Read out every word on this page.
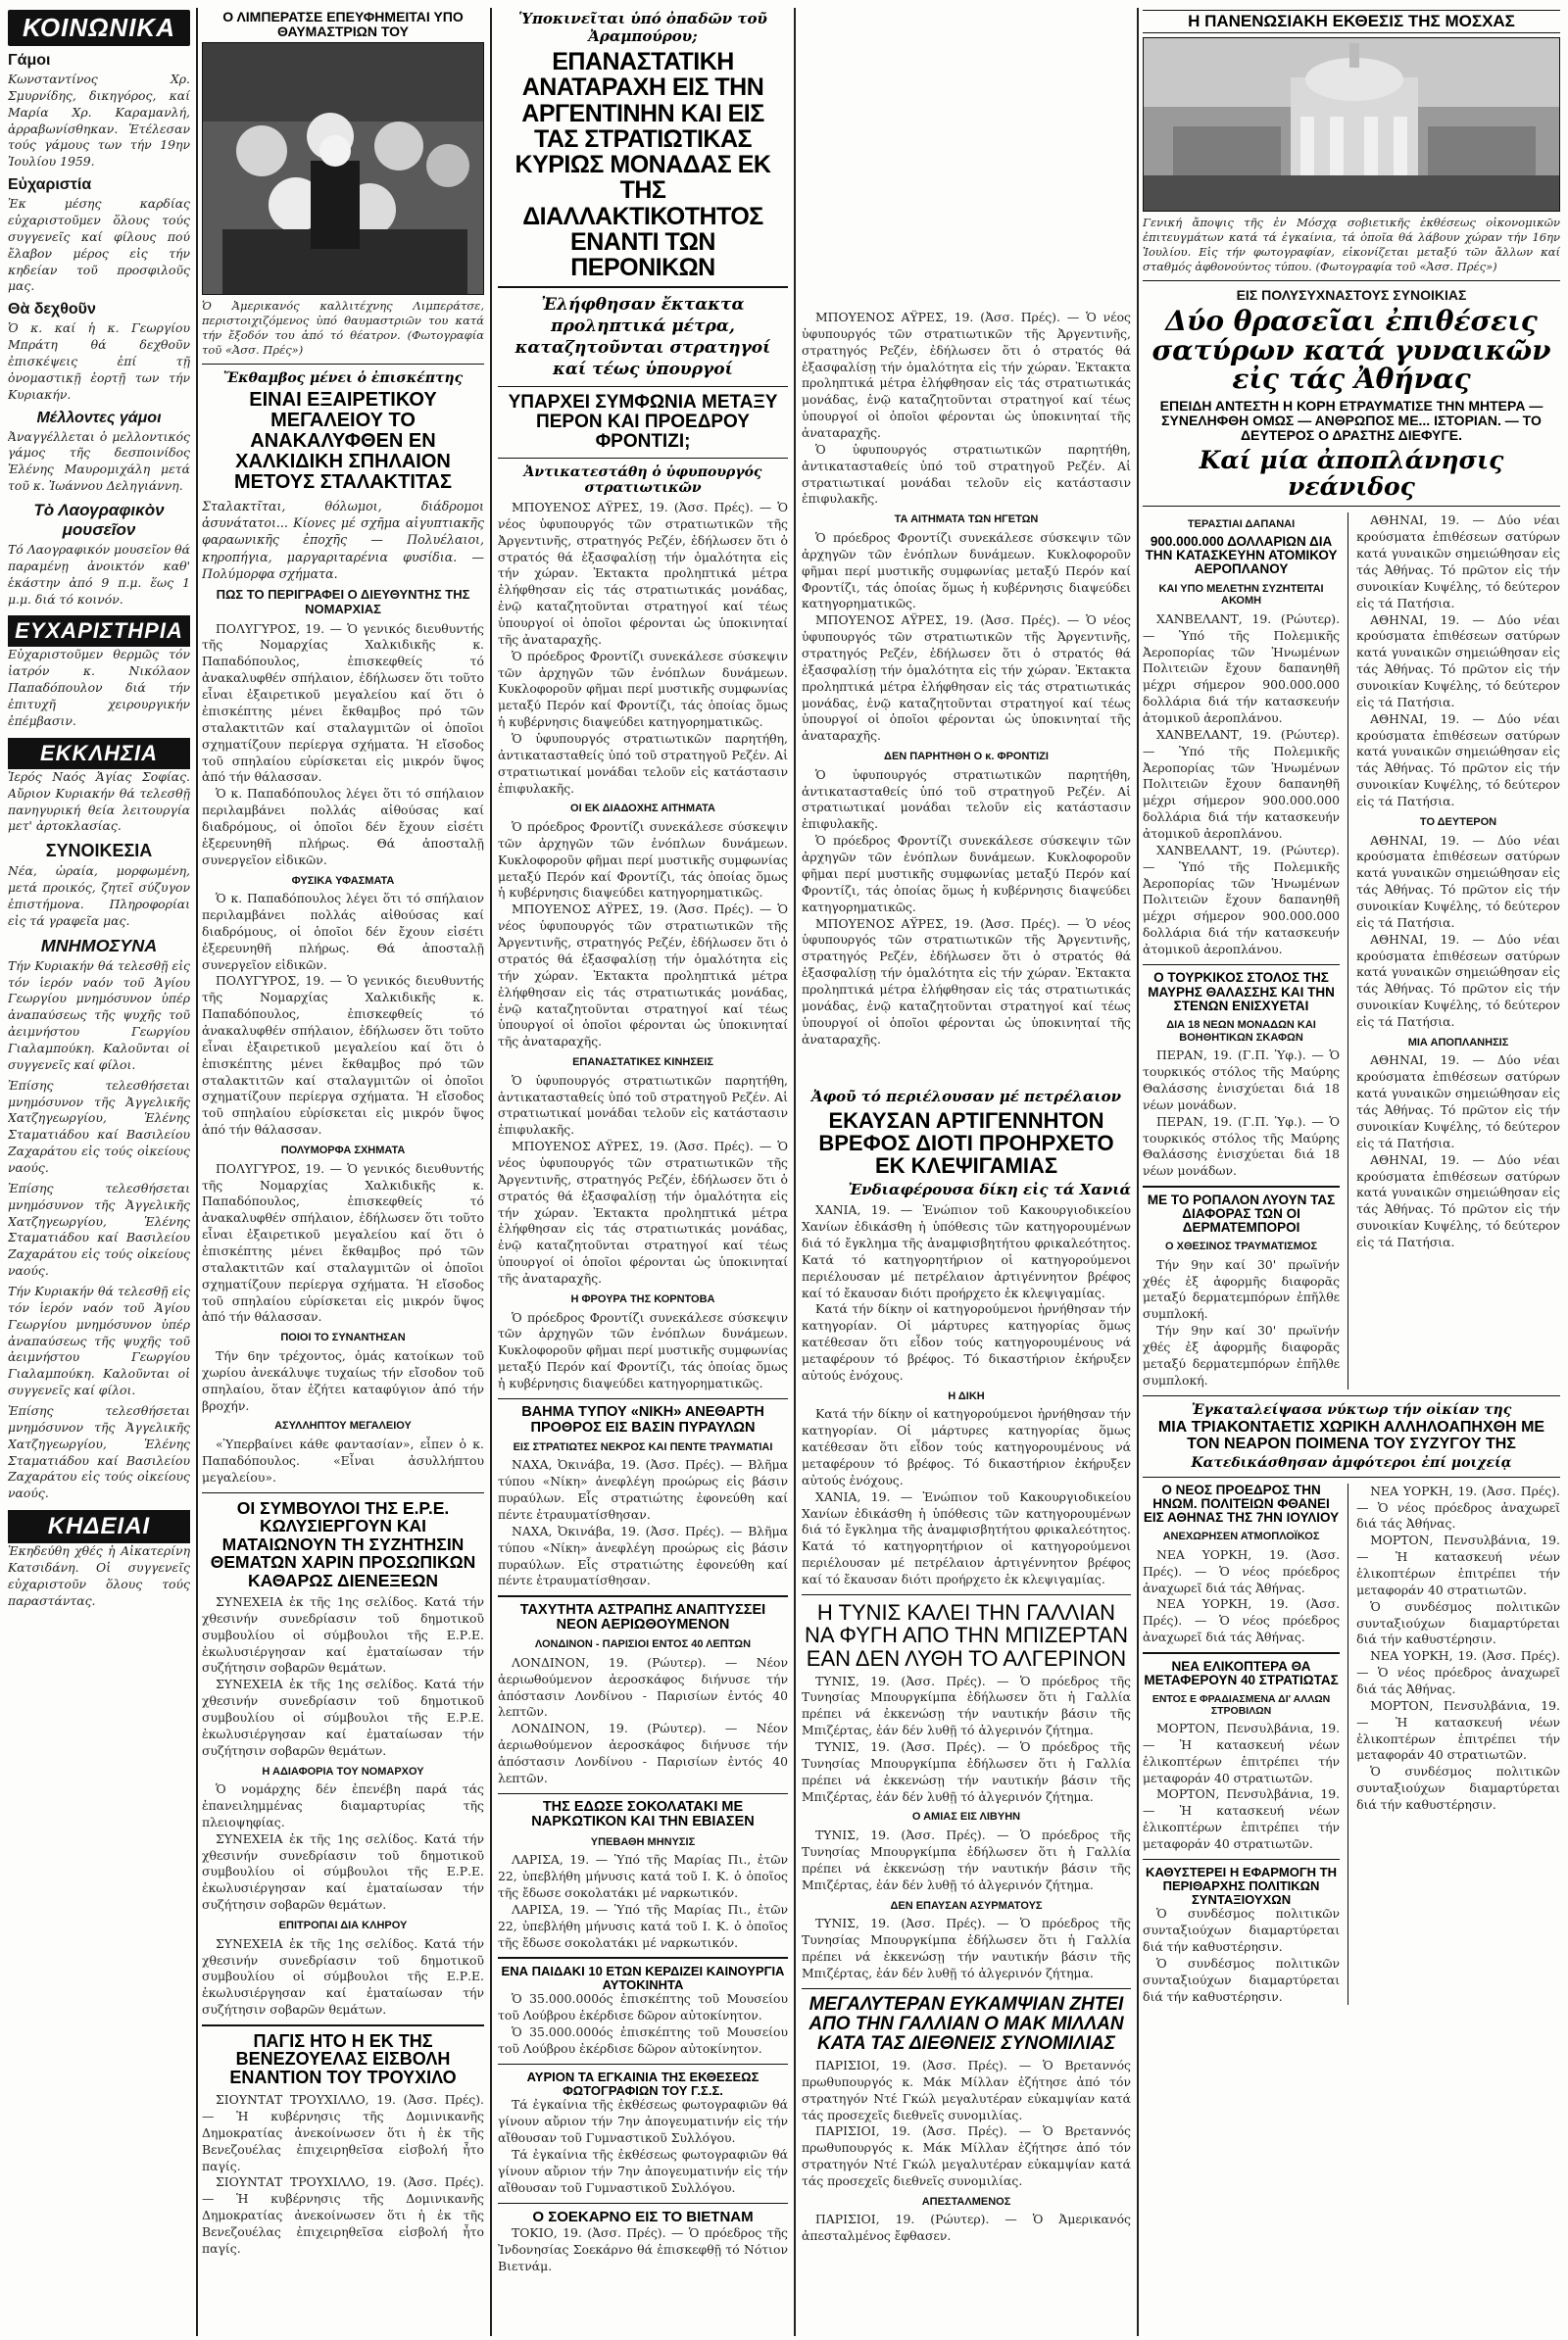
ΚΟΙΝΩΝΙΚΑ
Γάμοι
Κωνσταντίνος Χρ. Σμυρνίδης, δικηγόρος, καί Μαρία Χρ. Καραμανλή, ἀρραβωνίσθηκαν. Ἐτέλεσαν τούς γάμους των τήν 19ην Ἰουλίου 1959.
Εὐχαριστία
Ἐκ μέσης καρδίας εὐχαριστοῦμεν ὅλους τούς συγγενεῖς καί φίλους πού ἔλαβον μέρος εἰς τήν κηδείαν τοῦ προσφιλοῦς μας.
Θὰ δεχθοῦν
Ὁ κ. καί ἡ κ. Γεωργίου Μπράτη θά δεχθοῦν ἐπισκέψεις ἐπί τῇ ὀνομαστικῇ ἑορτῇ των τήν Κυριακήν.
Μέλλοντες γάμοι
Ἀναγγέλλεται ὁ μελλοντικός γάμος τῆς δεσποινίδος Ἑλένης Μαυρομιχάλη μετά τοῦ κ. Ἰωάννου Δεληγιάννη.
Τὸ Λαογραφικὸν μουσεῖον
Τό Λαογραφικόν μουσεῖον θά παραμένῃ ἀνοικτόν καθ' ἑκάστην ἀπό 9 π.μ. ἕως 1 μ.μ. διά τό κοινόν.
ΕΥΧΑΡΙΣΤΗΡΙΑ
Εὐχαριστοῦμεν θερμῶς τόν ἰατρόν κ. Νικόλαον Παπαδόπουλον διά τήν ἐπιτυχῆ χειρουργικήν ἐπέμβασιν.
ΕΚΚΛΗΣΙΑ
Ἱερός Ναός Ἁγίας Σοφίας. Αὔριον Κυριακήν θά τελεσθῇ πανηγυρική θεία λειτουργία μετ' ἀρτοκλασίας.
ΣΥΝΟΙΚΕΣΙΑ
Νέα, ὡραία, μορφωμένη, μετά προικός, ζητεῖ σύζυγον ἐπιστήμονα. Πληροφορίαι εἰς τά γραφεῖα μας.
ΜΝΗΜΟΣΥΝΑ
Τήν Κυριακήν θά τελεσθῇ εἰς τόν ἱερόν ναόν τοῦ Ἁγίου Γεωργίου μνημόσυνον ὑπέρ ἀναπαύσεως τῆς ψυχῆς τοῦ ἀειμνήστου Γεωργίου Γιαλαμπούκη. Καλοῦνται οἱ συγγενεῖς καί φίλοι.
Ἐπίσης τελεσθήσεται μνημόσυνον τῆς Ἀγγελικῆς Χατζηγεωργίου, Ἑλένης Σταματιάδου καί Βασιλείου Ζαχαράτου εἰς τούς οἰκείους ναούς.
Ἐπίσης τελεσθήσεται μνημόσυνον τῆς Ἀγγελικῆς Χατζηγεωργίου, Ἑλένης Σταματιάδου καί Βασιλείου Ζαχαράτου εἰς τούς οἰκείους ναούς.
Τήν Κυριακήν θά τελεσθῇ εἰς τόν ἱερόν ναόν τοῦ Ἁγίου Γεωργίου μνημόσυνον ὑπέρ ἀναπαύσεως τῆς ψυχῆς τοῦ ἀειμνήστου Γεωργίου Γιαλαμπούκη. Καλοῦνται οἱ συγγενεῖς καί φίλοι.
Ἐπίσης τελεσθήσεται μνημόσυνον τῆς Ἀγγελικῆς Χατζηγεωργίου, Ἑλένης Σταματιάδου καί Βασιλείου Ζαχαράτου εἰς τούς οἰκείους ναούς.
ΚΗΔΕΙΑΙ
Ἐκηδεύθη χθές ἡ Αἰκατερίνη Κατσιδάνη. Οἱ συγγενεῖς εὐχαριστοῦν ὅλους τούς παραστάντας.
Ο ΛΙΜΠΕΡΑΤΣΕ ΕΠΕΥΦΗΜΕΙΤΑΙ ΥΠΟ ΘΑΥΜΑΣΤΡΙΩΝ ΤΟΥ
Ὁ Ἀμερικανός καλλιτέχνης Λιμπεράτσε, περιστοιχιζόμενος ὑπό θαυμαστριῶν του κατά τήν ἔξοδόν του ἀπό τό θέατρον. (Φωτογραφία τοῦ «Ἀσσ. Πρές»)
Ἔκθαμβος μένει ὁ ἐπισκέπτης
ΕΙΝΑΙ ΕΞΑΙΡΕΤΙΚΟΥ ΜΕΓΑΛΕΙΟΥ ΤΟ ΑΝΑΚΑΛΥΦΘΕΝ ΕΝ ΧΑΛΚΙΔΙΚΗ ΣΠΗΛΑΙΟΝ ΜΕΤΟΥΣ ΣΤΑΛΑΚΤΙΤΑΣ
Σταλακτῖται, θόλωμοι, διάδρομοι ἀσυνάτατοι... Κίονες μέ σχῆμα αἰγυπτιακῆς φαραωνικῆς ἐποχῆς — Πολυέλαιοι, κηροπήγια, μαργαριταρένια φυσίδια. — Πολύμορφα σχήματα.
ΠΩΣ ΤΟ ΠΕΡΙΓΡΑΦΕΙ Ο ΔΙΕΥΘΥΝΤΗΣ ΤΗΣ ΝΟΜΑΡΧΙΑΣ

ΠΟΛΥΓΥΡΟΣ, 19. — Ὁ γενικός διευθυντής τῆς Νομαρχίας Χαλκιδικῆς κ. Παπαδόπουλος, ἐπισκεφθείς τό ἀνακαλυφθέν σπήλαιον, ἐδήλωσεν ὅτι τοῦτο εἶναι ἐξαιρετικοῦ μεγαλείου καί ὅτι ὁ ἐπισκέπτης μένει ἔκθαμβος πρό τῶν σταλακτιτῶν καί σταλαγμιτῶν οἱ ὁποῖοι σχηματίζουν περίεργα σχήματα. Ἡ εἴσοδος τοῦ σπηλαίου εὑρίσκεται εἰς μικρόν ὕψος ἀπό τήν θάλασσαν.

Ὁ κ. Παπαδόπουλος λέγει ὅτι τό σπήλαιον περιλαμβάνει πολλάς αἰθούσας καί διαδρόμους, οἱ ὁποῖοι δέν ἔχουν εἰσέτι ἐξερευνηθῆ πλήρως. Θά ἀποσταλῇ συνεργεῖον εἰδικῶν.

ΦΥΣΙΚΑ ΥΦΑΣΜΑΤΑ

Ὁ κ. Παπαδόπουλος λέγει ὅτι τό σπήλαιον περιλαμβάνει πολλάς αἰθούσας καί διαδρόμους, οἱ ὁποῖοι δέν ἔχουν εἰσέτι ἐξερευνηθῆ πλήρως. Θά ἀποσταλῇ συνεργεῖον εἰδικῶν.

ΠΟΛΥΓΥΡΟΣ, 19. — Ὁ γενικός διευθυντής τῆς Νομαρχίας Χαλκιδικῆς κ. Παπαδόπουλος, ἐπισκεφθείς τό ἀνακαλυφθέν σπήλαιον, ἐδήλωσεν ὅτι τοῦτο εἶναι ἐξαιρετικοῦ μεγαλείου καί ὅτι ὁ ἐπισκέπτης μένει ἔκθαμβος πρό τῶν σταλακτιτῶν καί σταλαγμιτῶν οἱ ὁποῖοι σχηματίζουν περίεργα σχήματα. Ἡ εἴσοδος τοῦ σπηλαίου εὑρίσκεται εἰς μικρόν ὕψος ἀπό τήν θάλασσαν.

ΠΟΛΥΜΟΡΦΑ ΣΧΗΜΑΤΑ

ΠΟΛΥΓΥΡΟΣ, 19. — Ὁ γενικός διευθυντής τῆς Νομαρχίας Χαλκιδικῆς κ. Παπαδόπουλος, ἐπισκεφθείς τό ἀνακαλυφθέν σπήλαιον, ἐδήλωσεν ὅτι τοῦτο εἶναι ἐξαιρετικοῦ μεγαλείου καί ὅτι ὁ ἐπισκέπτης μένει ἔκθαμβος πρό τῶν σταλακτιτῶν καί σταλαγμιτῶν οἱ ὁποῖοι σχηματίζουν περίεργα σχήματα. Ἡ εἴσοδος τοῦ σπηλαίου εὑρίσκεται εἰς μικρόν ὕψος ἀπό τήν θάλασσαν.

ΠΟΙΟΙ ΤΟ ΣΥΝΑΝΤΗΣΑΝ

Τήν 6ην τρέχοντος, ὁμάς κατοίκων τοῦ χωρίου ἀνεκάλυψε τυχαίως τήν εἴσοδον τοῦ σπηλαίου, ὅταν ἐζήτει καταφύγιον ἀπό τήν βροχήν.

ΑΣΥΛΛΗΠΤΟΥ ΜΕΓΑΛΕΙΟΥ

«Ὑπερβαίνει κάθε φαντασίαν», εἶπεν ὁ κ. Παπαδόπουλος. «Εἶναι ἀσυλλήπτου μεγαλείου».

ΟΙ ΣΥΜΒΟΥΛΟΙ ΤΗΣ Ε.Ρ.Ε. ΚΩΛΥΣΙΕΡΓΟΥΝ ΚΑΙ ΜΑΤΑΙΩΝΟΥΝ ΤΗ ΣΥΖΗΤΗΣΙΝ ΘΕΜΑΤΩΝ ΧΑΡΙΝ ΠΡΟΣΩΠΙΚΩΝ ΚΑΘΑΡΩΣ ΔΙΕΝΕΞΕΩΝ

ΣΥΝΕΧΕΙΑ ἐκ τῆς 1ης σελίδος. Κατά τήν χθεσινήν συνεδρίασιν τοῦ δημοτικοῦ συμβουλίου οἱ σύμβουλοι τῆς Ε.Ρ.Ε. ἐκωλυσιέργησαν καί ἐματαίωσαν τήν συζήτησιν σοβαρῶν θεμάτων.

ΣΥΝΕΧΕΙΑ ἐκ τῆς 1ης σελίδος. Κατά τήν χθεσινήν συνεδρίασιν τοῦ δημοτικοῦ συμβουλίου οἱ σύμβουλοι τῆς Ε.Ρ.Ε. ἐκωλυσιέργησαν καί ἐματαίωσαν τήν συζήτησιν σοβαρῶν θεμάτων.

Η ΑΔΙΑΦΟΡΙΑ ΤΟΥ ΝΟΜΑΡΧΟΥ

Ὁ νομάρχης δέν ἐπενέβη παρά τάς ἐπανειλημμένας διαμαρτυρίας τῆς πλειοψηφίας.

ΣΥΝΕΧΕΙΑ ἐκ τῆς 1ης σελίδος. Κατά τήν χθεσινήν συνεδρίασιν τοῦ δημοτικοῦ συμβουλίου οἱ σύμβουλοι τῆς Ε.Ρ.Ε. ἐκωλυσιέργησαν καί ἐματαίωσαν τήν συζήτησιν σοβαρῶν θεμάτων.

ΕΠΙΤΡΟΠΑΙ ΔΙΑ ΚΛΗΡΟΥ

ΣΥΝΕΧΕΙΑ ἐκ τῆς 1ης σελίδος. Κατά τήν χθεσινήν συνεδρίασιν τοῦ δημοτικοῦ συμβουλίου οἱ σύμβουλοι τῆς Ε.Ρ.Ε. ἐκωλυσιέργησαν καί ἐματαίωσαν τήν συζήτησιν σοβαρῶν θεμάτων.

ΠΑΓΙΣ ΗΤΟ Η ΕΚ ΤΗΣ ΒΕΝΕΖΟΥΕΛΑΣ ΕΙΣΒΟΛΗ ΕΝΑΝΤΙΟΝ ΤΟΥ ΤΡΟΥΧΙΛΟ

ΣΙΟΥΝΤΑΤ ΤΡΟΥΧΙΛΛΟ, 19. (Ἀσσ. Πρές). — Ἡ κυβέρνησις τῆς Δομινικανῆς Δημοκρατίας ἀνεκοίνωσεν ὅτι ἡ ἐκ τῆς Βενεζουέλας ἐπιχειρηθεῖσα εἰσβολή ἦτο παγίς.

ΣΙΟΥΝΤΑΤ ΤΡΟΥΧΙΛΛΟ, 19. (Ἀσσ. Πρές). — Ἡ κυβέρνησις τῆς Δομινικανῆς Δημοκρατίας ἀνεκοίνωσεν ὅτι ἡ ἐκ τῆς Βενεζουέλας ἐπιχειρηθεῖσα εἰσβολή ἦτο παγίς.

Ὑποκινεῖται ὑπό ὀπαδῶν τοῦ Ἀραμπούρου;
ΕΠΑΝΑΣΤΑΤΙΚΗ ΑΝΑΤΑΡΑΧΗ ΕΙΣ ΤΗΝ ΑΡΓΕΝΤΙΝΗΝ ΚΑΙ ΕΙΣ ΤΑΣ ΣΤΡΑΤΙΩΤΙΚΑΣ ΚΥΡΙΩΣ ΜΟΝΑΔΑΣ ΕΚ ΤΗΣ ΔΙΑΛΛΑΚΤΙΚΟΤΗΤΟΣ ΕΝΑΝΤΙ ΤΩΝ ΠΕΡΟΝΙΚΩΝ
Ἐλήφθησαν ἔκτακτα προληπτικά μέτρα, καταζητοῦνται στρατηγοί καί τέως ὑπουργοί
ΥΠΑΡΧΕΙ ΣΥΜΦΩΝΙΑ ΜΕΤΑΞΥ ΠΕΡΟΝ ΚΑΙ ΠΡΟΕΔΡΟΥ ΦΡΟΝΤΙΖΙ;
Ἀντικατεστάθη ὁ ὑφυπουργός στρατιωτικῶν

ΜΠΟΥΕΝΟΣ ΑΫΡΕΣ, 19. (Ἀσσ. Πρές). — Ὁ νέος ὑφυπουργός τῶν στρατιωτικῶν τῆς Ἀργεντινῆς, στρατηγός Ρεζέν, ἐδήλωσεν ὅτι ὁ στρατός θά ἐξασφαλίσῃ τήν ὁμαλότητα εἰς τήν χώραν. Ἐκτακτα προληπτικά μέτρα ἐλήφθησαν εἰς τάς στρατιωτικάς μονάδας, ἐνῷ καταζητοῦνται στρατηγοί καί τέως ὑπουργοί οἱ ὁποῖοι φέρονται ὡς ὑποκινηταί τῆς ἀναταραχῆς.

Ὁ πρόεδρος Φροντίζι συνεκάλεσε σύσκεψιν τῶν ἀρχηγῶν τῶν ἐνόπλων δυνάμεων. Κυκλοφοροῦν φῆμαι περί μυστικῆς συμφωνίας μεταξύ Περόν καί Φροντίζι, τάς ὁποίας ὅμως ἡ κυβέρνησις διαψεύδει κατηγορηματικῶς.

Ὁ ὑφυπουργός στρατιωτικῶν παρητήθη, ἀντικατασταθείς ὑπό τοῦ στρατηγοῦ Ρεζέν. Αἱ στρατιωτικαί μονάδαι τελοῦν εἰς κατάστασιν ἐπιφυλακῆς.

ΟΙ ΕΚ ΔΙΑΔΟΧΗΣ ΑΙΤΗΜΑΤΑ

Ὁ πρόεδρος Φροντίζι συνεκάλεσε σύσκεψιν τῶν ἀρχηγῶν τῶν ἐνόπλων δυνάμεων. Κυκλοφοροῦν φῆμαι περί μυστικῆς συμφωνίας μεταξύ Περόν καί Φροντίζι, τάς ὁποίας ὅμως ἡ κυβέρνησις διαψεύδει κατηγορηματικῶς.

ΜΠΟΥΕΝΟΣ ΑΫΡΕΣ, 19. (Ἀσσ. Πρές). — Ὁ νέος ὑφυπουργός τῶν στρατιωτικῶν τῆς Ἀργεντινῆς, στρατηγός Ρεζέν, ἐδήλωσεν ὅτι ὁ στρατός θά ἐξασφαλίσῃ τήν ὁμαλότητα εἰς τήν χώραν. Ἐκτακτα προληπτικά μέτρα ἐλήφθησαν εἰς τάς στρατιωτικάς μονάδας, ἐνῷ καταζητοῦνται στρατηγοί καί τέως ὑπουργοί οἱ ὁποῖοι φέρονται ὡς ὑποκινηταί τῆς ἀναταραχῆς.

ΕΠΑΝΑΣΤΑΤΙΚΕΣ ΚΙΝΗΣΕΙΣ

Ὁ ὑφυπουργός στρατιωτικῶν παρητήθη, ἀντικατασταθείς ὑπό τοῦ στρατηγοῦ Ρεζέν. Αἱ στρατιωτικαί μονάδαι τελοῦν εἰς κατάστασιν ἐπιφυλακῆς.

ΜΠΟΥΕΝΟΣ ΑΫΡΕΣ, 19. (Ἀσσ. Πρές). — Ὁ νέος ὑφυπουργός τῶν στρατιωτικῶν τῆς Ἀργεντινῆς, στρατηγός Ρεζέν, ἐδήλωσεν ὅτι ὁ στρατός θά ἐξασφαλίσῃ τήν ὁμαλότητα εἰς τήν χώραν. Ἐκτακτα προληπτικά μέτρα ἐλήφθησαν εἰς τάς στρατιωτικάς μονάδας, ἐνῷ καταζητοῦνται στρατηγοί καί τέως ὑπουργοί οἱ ὁποῖοι φέρονται ὡς ὑποκινηταί τῆς ἀναταραχῆς.

Η ΦΡΟΥΡΑ ΤΗΣ ΚΟΡΝΤΟΒΑ

Ὁ πρόεδρος Φροντίζι συνεκάλεσε σύσκεψιν τῶν ἀρχηγῶν τῶν ἐνόπλων δυνάμεων. Κυκλοφοροῦν φῆμαι περί μυστικῆς συμφωνίας μεταξύ Περόν καί Φροντίζι, τάς ὁποίας ὅμως ἡ κυβέρνησις διαψεύδει κατηγορηματικῶς.

ΒΑΗΜΑ ΤΥΠΟΥ «ΝΙΚΗ» ΑΝΕΘΑΡΤΗ ΠΡΟΘΡΟΣ ΕΙΣ ΒΑΣΙΝ ΠΥΡΑΥΛΩΝ
ΕΙΣ ΣΤΡΑΤΙΩΤΕΣ ΝΕΚΡΟΣ ΚΑΙ ΠΕΝΤΕ ΤΡΑΥΜΑΤΙΑΙ

ΝΑΧΑ, Ὀκινάβα, 19. (Ἀσσ. Πρές). — Βλῆμα τύπου «Νίκη» ἀνεφλέγη προώρως εἰς βάσιν πυραύλων. Εἷς στρατιώτης ἐφονεύθη καί πέντε ἐτραυματίσθησαν.

ΝΑΧΑ, Ὀκινάβα, 19. (Ἀσσ. Πρές). — Βλῆμα τύπου «Νίκη» ἀνεφλέγη προώρως εἰς βάσιν πυραύλων. Εἷς στρατιώτης ἐφονεύθη καί πέντε ἐτραυματίσθησαν.

ΤΑΧΥΤΗΤΑ ΑΣΤΡΑΠΗΣ ΑΝΑΠΤΥΣΣΕΙ ΝΕΟΝ ΑΕΡΙΩΘΟΥΜΕΝΟΝ
ΛΟΝΔΙΝΟΝ - ΠΑΡΙΣΙΟΙ ΕΝΤΟΣ 40 ΛΕΠΤΩΝ

ΛΟΝΔΙΝΟΝ, 19. (Ρώυτερ). — Νέον ἀεριωθούμενον ἀεροσκάφος διήνυσε τήν ἀπόστασιν Λονδίνου - Παρισίων ἐντός 40 λεπτῶν.

ΛΟΝΔΙΝΟΝ, 19. (Ρώυτερ). — Νέον ἀεριωθούμενον ἀεροσκάφος διήνυσε τήν ἀπόστασιν Λονδίνου - Παρισίων ἐντός 40 λεπτῶν.

ΤΗΣ ΕΔΩΣΕ ΣΟΚΟΛΑΤΑΚΙ ΜΕ ΝΑΡΚΩΤΙΚΟΝ ΚΑΙ ΤΗΝ ΕΒΙΑΣΕΝ
ΥΠΕΒΑΘΗ ΜΗΝΥΣΙΣ

ΛΑΡΙΣΑ, 19. — Ὑπό τῆς Μαρίας Πι., ἐτῶν 22, ὑπεβλήθη μήνυσις κατά τοῦ Ι. Κ. ὁ ὁποῖος τῆς ἔδωσε σοκολατάκι μέ ναρκωτικόν.

ΛΑΡΙΣΑ, 19. — Ὑπό τῆς Μαρίας Πι., ἐτῶν 22, ὑπεβλήθη μήνυσις κατά τοῦ Ι. Κ. ὁ ὁποῖος τῆς ἔδωσε σοκολατάκι μέ ναρκωτικόν.

ΕΝΑ ΠΑΙΔΑΚΙ 10 ΕΤΩΝ ΚΕΡΔΙΖΕΙ ΚΑΙΝΟΥΡΓΙΑ ΑΥΤΟΚΙΝΗΤΑ

Ὁ 35.000.000ός ἐπισκέπτης τοῦ Μουσείου τοῦ Λούβρου ἐκέρδισε δῶρον αὐτοκίνητον.

Ὁ 35.000.000ός ἐπισκέπτης τοῦ Μουσείου τοῦ Λούβρου ἐκέρδισε δῶρον αὐτοκίνητον.

ΑΥΡΙΟΝ ΤΑ ΕΓΚΑΙΝΙΑ ΤΗΣ ΕΚΘΕΣΕΩΣ ΦΩΤΟΓΡΑΦΙΩΝ ΤΟΥ Γ.Σ.Σ.

Τά ἐγκαίνια τῆς ἐκθέσεως φωτογραφιῶν θά γίνουν αὔριον τήν 7ην ἀπογευματινήν εἰς τήν αἴθουσαν τοῦ Γυμναστικοῦ Συλλόγου.

Τά ἐγκαίνια τῆς ἐκθέσεως φωτογραφιῶν θά γίνουν αὔριον τήν 7ην ἀπογευματινήν εἰς τήν αἴθουσαν τοῦ Γυμναστικοῦ Συλλόγου.

Ο ΣΟΕΚΑΡΝΟ ΕΙΣ ΤΟ ΒΙΕΤΝΑΜ

ΤΟΚΙΟ, 19. (Ἀσσ. Πρές). — Ὁ πρόεδρος τῆς Ἰνδονησίας Σοεκάρνο θά ἐπισκεφθῇ τό Νότιον Βιετνάμ.

Ἀφοῦ τό περιέλουσαν μέ πετρέλαιον
ΕΚΑΥΣΑΝ ΑΡΤΙΓΕΝΝΗΤΟΝ ΒΡΕΦΟΣ ΔΙΟΤΙ ΠΡΟΗΡΧΕΤΟ ΕΚ ΚΛΕΨΙΓΑΜΙΑΣ
Ἐνδιαφέρουσα δίκη εἰς τά Χανιά

ΧΑΝΙΑ, 19. — Ἐνώπιον τοῦ Κακουργιοδικείου Χανίων ἐδικάσθη ἡ ὑπόθεσις τῶν κατηγορουμένων διά τό ἔγκλημα τῆς ἀναμφισβητήτου φρικαλεότητος. Κατά τό κατηγορητήριον οἱ κατηγορούμενοι περιέλουσαν μέ πετρέλαιον ἀρτιγέννητον βρέφος καί τό ἔκαυσαν διότι προήρχετο ἐκ κλεψιγαμίας.

Κατά τήν δίκην οἱ κατηγορούμενοι ἠρνήθησαν τήν κατηγορίαν. Οἱ μάρτυρες κατηγορίας ὅμως κατέθεσαν ὅτι εἶδον τούς κατηγορουμένους νά μεταφέρουν τό βρέφος. Τό δικαστήριον ἐκήρυξεν αὐτούς ἐνόχους.

Η ΔΙΚΗ

Κατά τήν δίκην οἱ κατηγορούμενοι ἠρνήθησαν τήν κατηγορίαν. Οἱ μάρτυρες κατηγορίας ὅμως κατέθεσαν ὅτι εἶδον τούς κατηγορουμένους νά μεταφέρουν τό βρέφος. Τό δικαστήριον ἐκήρυξεν αὐτούς ἐνόχους.

ΧΑΝΙΑ, 19. — Ἐνώπιον τοῦ Κακουργιοδικείου Χανίων ἐδικάσθη ἡ ὑπόθεσις τῶν κατηγορουμένων διά τό ἔγκλημα τῆς ἀναμφισβητήτου φρικαλεότητος. Κατά τό κατηγορητήριον οἱ κατηγορούμενοι περιέλουσαν μέ πετρέλαιον ἀρτιγέννητον βρέφος καί τό ἔκαυσαν διότι προήρχετο ἐκ κλεψιγαμίας.

Η ΤΥΝΙΣ ΚΑΛΕΙ ΤΗΝ ΓΑΛΛΙΑΝ ΝΑ ΦΥΓΗ ΑΠΟ ΤΗΝ ΜΠΙΖΕΡΤΑΝ ΕΑΝ ΔΕΝ ΛΥΘΗ ΤΟ ΑΛΓΕΡΙΝΟΝ

ΤΥΝΙΣ, 19. (Ἀσσ. Πρές). — Ὁ πρόεδρος τῆς Τυνησίας Μπουργκίμπα ἐδήλωσεν ὅτι ἡ Γαλλία πρέπει νά ἐκκενώσῃ τήν ναυτικήν βάσιν τῆς Μπιζέρτας, ἐάν δέν λυθῇ τό ἀλγερινόν ζήτημα.

ΤΥΝΙΣ, 19. (Ἀσσ. Πρές). — Ὁ πρόεδρος τῆς Τυνησίας Μπουργκίμπα ἐδήλωσεν ὅτι ἡ Γαλλία πρέπει νά ἐκκενώσῃ τήν ναυτικήν βάσιν τῆς Μπιζέρτας, ἐάν δέν λυθῇ τό ἀλγερινόν ζήτημα.

Ο ΑΜΙΑΣ ΕΙΣ ΛΙΒΥΗΝ

ΤΥΝΙΣ, 19. (Ἀσσ. Πρές). — Ὁ πρόεδρος τῆς Τυνησίας Μπουργκίμπα ἐδήλωσεν ὅτι ἡ Γαλλία πρέπει νά ἐκκενώσῃ τήν ναυτικήν βάσιν τῆς Μπιζέρτας, ἐάν δέν λυθῇ τό ἀλγερινόν ζήτημα.

ΔΕΝ ΕΠΑΥΣΑΝ ΑΣΥΡΜΑΤΟΥΣ

ΤΥΝΙΣ, 19. (Ἀσσ. Πρές). — Ὁ πρόεδρος τῆς Τυνησίας Μπουργκίμπα ἐδήλωσεν ὅτι ἡ Γαλλία πρέπει νά ἐκκενώσῃ τήν ναυτικήν βάσιν τῆς Μπιζέρτας, ἐάν δέν λυθῇ τό ἀλγερινόν ζήτημα.

ΜΕΓΑΛΥΤΕΡΑΝ ΕΥΚΑΜΨΙΑΝ ΖΗΤΕΙ ΑΠΟ ΤΗΝ ΓΑΛΛΙΑΝ Ο ΜΑΚ ΜΙΛΛΑΝ ΚΑΤΑ ΤΑΣ ΔΙΕΘΝΕΙΣ ΣΥΝΟΜΙΛΙΑΣ

ΠΑΡΙΣΙΟΙ, 19. (Ἀσσ. Πρές). — Ὁ Βρεταννός πρωθυπουργός κ. Μάκ Μίλλαν ἐζήτησε ἀπό τόν στρατηγόν Ντέ Γκώλ μεγαλυτέραν εὐκαμψίαν κατά τάς προσεχεῖς διεθνεῖς συνομιλίας.

ΠΑΡΙΣΙΟΙ, 19. (Ἀσσ. Πρές). — Ὁ Βρεταννός πρωθυπουργός κ. Μάκ Μίλλαν ἐζήτησε ἀπό τόν στρατηγόν Ντέ Γκώλ μεγαλυτέραν εὐκαμψίαν κατά τάς προσεχεῖς διεθνεῖς συνομιλίας.

ΑΠΕΣΤΑΛΜΕΝΟΣ

ΠΑΡΙΣΙΟΙ, 19. (Ρώυτερ). — Ὁ Ἀμερικανός ἀπεσταλμένος ἔφθασεν.

ΜΠΟΥΕΝΟΣ ΑΫΡΕΣ, 19. (Ἀσσ. Πρές). — Ὁ νέος ὑφυπουργός τῶν στρατιωτικῶν τῆς Ἀργεντινῆς, στρατηγός Ρεζέν, ἐδήλωσεν ὅτι ὁ στρατός θά ἐξασφαλίσῃ τήν ὁμαλότητα εἰς τήν χώραν. Ἐκτακτα προληπτικά μέτρα ἐλήφθησαν εἰς τάς στρατιωτικάς μονάδας, ἐνῷ καταζητοῦνται στρατηγοί καί τέως ὑπουργοί οἱ ὁποῖοι φέρονται ὡς ὑποκινηταί τῆς ἀναταραχῆς.

Ὁ ὑφυπουργός στρατιωτικῶν παρητήθη, ἀντικατασταθείς ὑπό τοῦ στρατηγοῦ Ρεζέν. Αἱ στρατιωτικαί μονάδαι τελοῦν εἰς κατάστασιν ἐπιφυλακῆς.

ΤΑ ΑΙΤΗΜΑΤΑ ΤΩΝ ΗΓΕΤΩΝ

Ὁ πρόεδρος Φροντίζι συνεκάλεσε σύσκεψιν τῶν ἀρχηγῶν τῶν ἐνόπλων δυνάμεων. Κυκλοφοροῦν φῆμαι περί μυστικῆς συμφωνίας μεταξύ Περόν καί Φροντίζι, τάς ὁποίας ὅμως ἡ κυβέρνησις διαψεύδει κατηγορηματικῶς.

ΜΠΟΥΕΝΟΣ ΑΫΡΕΣ, 19. (Ἀσσ. Πρές). — Ὁ νέος ὑφυπουργός τῶν στρατιωτικῶν τῆς Ἀργεντινῆς, στρατηγός Ρεζέν, ἐδήλωσεν ὅτι ὁ στρατός θά ἐξασφαλίσῃ τήν ὁμαλότητα εἰς τήν χώραν. Ἐκτακτα προληπτικά μέτρα ἐλήφθησαν εἰς τάς στρατιωτικάς μονάδας, ἐνῷ καταζητοῦνται στρατηγοί καί τέως ὑπουργοί οἱ ὁποῖοι φέρονται ὡς ὑποκινηταί τῆς ἀναταραχῆς.

ΔΕΝ ΠΑΡΗΤΗΘΗ Ο κ. ΦΡΟΝΤΙΖΙ

Ὁ ὑφυπουργός στρατιωτικῶν παρητήθη, ἀντικατασταθείς ὑπό τοῦ στρατηγοῦ Ρεζέν. Αἱ στρατιωτικαί μονάδαι τελοῦν εἰς κατάστασιν ἐπιφυλακῆς.

Ὁ πρόεδρος Φροντίζι συνεκάλεσε σύσκεψιν τῶν ἀρχηγῶν τῶν ἐνόπλων δυνάμεων. Κυκλοφοροῦν φῆμαι περί μυστικῆς συμφωνίας μεταξύ Περόν καί Φροντίζι, τάς ὁποίας ὅμως ἡ κυβέρνησις διαψεύδει κατηγορηματικῶς.

ΜΠΟΥΕΝΟΣ ΑΫΡΕΣ, 19. (Ἀσσ. Πρές). — Ὁ νέος ὑφυπουργός τῶν στρατιωτικῶν τῆς Ἀργεντινῆς, στρατηγός Ρεζέν, ἐδήλωσεν ὅτι ὁ στρατός θά ἐξασφαλίσῃ τήν ὁμαλότητα εἰς τήν χώραν. Ἐκτακτα προληπτικά μέτρα ἐλήφθησαν εἰς τάς στρατιωτικάς μονάδας, ἐνῷ καταζητοῦνται στρατηγοί καί τέως ὑπουργοί οἱ ὁποῖοι φέρονται ὡς ὑποκινηταί τῆς ἀναταραχῆς.

Η ΠΑΝΕΝΩΣΙΑΚΗ ΕΚΘΕΣΙΣ ΤΗΣ ΜΟΣΧΑΣ
Γενική ἄποψις τῆς ἐν Μόσχᾳ σοβιετικῆς ἐκθέσεως οἰκονομικῶν ἐπιτευγμάτων κατά τά ἐγκαίνια, τά ὁποῖα θά λάβουν χώραν τήν 16ην Ἰουλίου. Εἰς τήν φωτογραφίαν, εἰκονίζεται μεταξύ τῶν ἄλλων καί σταθμός ἀφθονούντος τύπου. (Φωτογραφία τοῦ «Ἀσσ. Πρές»)
ΕΙΣ ΠΟΛΥΣΥΧΝΑΣΤΟΥΣ ΣΥΝΟΙΚΙΑΣ
Δύο θρασεῖαι ἐπιθέσεις σατύρων κατά γυναικῶν εἰς τάς Ἀθήνας
ΕΠΕΙΔΗ ΑΝΤΕΣΤΗ Η ΚΟΡΗ ΕΤΡΑΥΜΑΤΙΣΕ ΤΗΝ ΜΗΤΕΡΑ — ΣΥΝΕΛΗΦΘΗ ΟΜΩΣ — ΑΝΘΡΩΠΟΣ ΜΕ... ΙΣΤΟΡΙΑΝ. — ΤΟ ΔΕΥΤΕΡΟΣ Ο ΔΡΑΣΤΗΣ ΔΙΕΦΥΓΕ.
Καί μία ἀποπλάνησις νεάνιδος
ΤΕΡΑΣΤΙΑΙ ΔΑΠΑΝΑΙ
900.000.000 ΔΟΛΛΑΡΙΩΝ ΔΙΑ ΤΗΝ ΚΑΤΑΣΚΕΥΗΝ ΑΤΟΜΙΚΟΥ ΑΕΡΟΠΛΑΝΟΥ
ΚΑΙ ΥΠΟ ΜΕΛΕΤΗΝ ΣΥΖΗΤΕΙΤΑΙ ΑΚΟΜΗ

ΧΑΝΒΕΛΑΝΤ, 19. (Ρώυτερ). — Ὑπό τῆς Πολεμικῆς Ἀεροπορίας τῶν Ἡνωμένων Πολιτειῶν ἔχουν δαπανηθῆ μέχρι σήμερον 900.000.000 δολλάρια διά τήν κατασκευήν ἀτομικοῦ ἀεροπλάνου.

ΧΑΝΒΕΛΑΝΤ, 19. (Ρώυτερ). — Ὑπό τῆς Πολεμικῆς Ἀεροπορίας τῶν Ἡνωμένων Πολιτειῶν ἔχουν δαπανηθῆ μέχρι σήμερον 900.000.000 δολλάρια διά τήν κατασκευήν ἀτομικοῦ ἀεροπλάνου.

ΧΑΝΒΕΛΑΝΤ, 19. (Ρώυτερ). — Ὑπό τῆς Πολεμικῆς Ἀεροπορίας τῶν Ἡνωμένων Πολιτειῶν ἔχουν δαπανηθῆ μέχρι σήμερον 900.000.000 δολλάρια διά τήν κατασκευήν ἀτομικοῦ ἀεροπλάνου.

Ο ΤΟΥΡΚΙΚΟΣ ΣΤΟΛΟΣ ΤΗΣ ΜΑΥΡΗΣ ΘΑΛΑΣΣΗΣ ΚΑΙ ΤΗΝ ΣΤΕΝΩΝ ΕΝΙΣΧΥΕΤΑΙ
ΔΙΑ 18 ΝΕΩΝ ΜΟΝΑΔΩΝ ΚΑΙ ΒΟΗΘΗΤΙΚΩΝ ΣΚΑΦΩΝ

ΠΕΡΑΝ, 19. (Γ.Π. Ὑφ.). — Ὁ τουρκικός στόλος τῆς Μαύρης Θαλάσσης ἐνισχύεται διά 18 νέων μονάδων.

ΠΕΡΑΝ, 19. (Γ.Π. Ὑφ.). — Ὁ τουρκικός στόλος τῆς Μαύρης Θαλάσσης ἐνισχύεται διά 18 νέων μονάδων.

ΜΕ ΤΟ ΡΟΠΑΛΟΝ ΛΥΟΥΝ ΤΑΣ ΔΙΑΦΟΡΑΣ ΤΩΝ ΟΙ ΔΕΡΜΑΤΕΜΠΟΡΟΙ
Ο ΧΘΕΣΙΝΟΣ ΤΡΑΥΜΑΤΙΣΜΟΣ

Τήν 9ην καί 30' πρωϊνήν χθές ἐξ ἀφορμῆς διαφορᾶς μεταξύ δερματεμπόρων ἐπῆλθε συμπλοκή.

Τήν 9ην καί 30' πρωϊνήν χθές ἐξ ἀφορμῆς διαφορᾶς μεταξύ δερματεμπόρων ἐπῆλθε συμπλοκή.

ΑΘΗΝΑΙ, 19. — Δύο νέαι κρούσματα ἐπιθέσεων σατύρων κατά γυναικῶν σημειώθησαν εἰς τάς Ἀθήνας. Τό πρῶτον εἰς τήν συνοικίαν Κυψέλης, τό δεύτερον εἰς τά Πατήσια.

ΑΘΗΝΑΙ, 19. — Δύο νέαι κρούσματα ἐπιθέσεων σατύρων κατά γυναικῶν σημειώθησαν εἰς τάς Ἀθήνας. Τό πρῶτον εἰς τήν συνοικίαν Κυψέλης, τό δεύτερον εἰς τά Πατήσια.

ΑΘΗΝΑΙ, 19. — Δύο νέαι κρούσματα ἐπιθέσεων σατύρων κατά γυναικῶν σημειώθησαν εἰς τάς Ἀθήνας. Τό πρῶτον εἰς τήν συνοικίαν Κυψέλης, τό δεύτερον εἰς τά Πατήσια.

ΤΟ ΔΕΥΤΕΡΟΝ

ΑΘΗΝΑΙ, 19. — Δύο νέαι κρούσματα ἐπιθέσεων σατύρων κατά γυναικῶν σημειώθησαν εἰς τάς Ἀθήνας. Τό πρῶτον εἰς τήν συνοικίαν Κυψέλης, τό δεύτερον εἰς τά Πατήσια.

ΑΘΗΝΑΙ, 19. — Δύο νέαι κρούσματα ἐπιθέσεων σατύρων κατά γυναικῶν σημειώθησαν εἰς τάς Ἀθήνας. Τό πρῶτον εἰς τήν συνοικίαν Κυψέλης, τό δεύτερον εἰς τά Πατήσια.

ΜΙΑ ΑΠΟΠΛΑΝΗΣΙΣ

ΑΘΗΝΑΙ, 19. — Δύο νέαι κρούσματα ἐπιθέσεων σατύρων κατά γυναικῶν σημειώθησαν εἰς τάς Ἀθήνας. Τό πρῶτον εἰς τήν συνοικίαν Κυψέλης, τό δεύτερον εἰς τά Πατήσια.

ΑΘΗΝΑΙ, 19. — Δύο νέαι κρούσματα ἐπιθέσεων σατύρων κατά γυναικῶν σημειώθησαν εἰς τάς Ἀθήνας. Τό πρῶτον εἰς τήν συνοικίαν Κυψέλης, τό δεύτερον εἰς τά Πατήσια.

Ἐγκαταλείψασα νύκτωρ τήν οἰκίαν της
ΜΙΑ ΤΡΙΑΚΟΝΤΑΕΤΙΣ ΧΩΡΙΚΗ ΑΛΛΗΛΟΑΠΗΧΘΗ ΜΕ ΤΟΝ ΝΕΑΡΟΝ ΠΟΙΜΕΝΑ ΤΟΥ ΣΥΖΥΓΟΥ ΤΗΣ
Κατεδικάσθησαν ἀμφότεροι ἐπί μοιχείᾳ
Ο ΝΕΟΣ ΠΡΟΕΔΡΟΣ ΤΗΝ ΗΝΩΜ. ΠΟΛΙΤΕΙΩΝ ΦΘΑΝΕΙ ΕΙΣ ΑΘΗΝΑΣ ΤΗΣ 7ΗΝ ΙΟΥΛΙΟΥ
ΑΝΕΧΩΡΗΣΕΝ ΑΤΜΟΠΛΟΪΚΟΣ

ΝΕΑ ΥΟΡΚΗ, 19. (Ἀσσ. Πρές). — Ὁ νέος πρόεδρος ἀναχωρεῖ διά τάς Ἀθήνας.

ΝΕΑ ΥΟΡΚΗ, 19. (Ἀσσ. Πρές). — Ὁ νέος πρόεδρος ἀναχωρεῖ διά τάς Ἀθήνας.

ΝΕΑ ΕΛΙΚΟΠΤΕΡΑ ΘΑ ΜΕΤΑΦΕΡΟΥΝ 40 ΣΤΡΑΤΙΩΤΑΣ
ΕΝΤΟΣ Ε ΦΡΑΔΙΑΣΜΕΝΑ ΔΙ' ΑΛΛΩΝ ΣΤΡΟΒΙΛΩΝ

ΜΟΡΤΟΝ, Πενσυλβάνια, 19. — Ἡ κατασκευή νέων ἑλικοπτέρων ἐπιτρέπει τήν μεταφοράν 40 στρατιωτῶν.

ΜΟΡΤΟΝ, Πενσυλβάνια, 19. — Ἡ κατασκευή νέων ἑλικοπτέρων ἐπιτρέπει τήν μεταφοράν 40 στρατιωτῶν.

ΚΑΘΥΣΤΕΡΕΙ Η ΕΦΑΡΜΟΓΗ ΤΗ ΠΕΡΙΘΑΡΧΗΣ ΠΟΛΙΤΙΚΩΝ ΣΥΝΤΑΞΙΟΥΧΩΝ

Ὁ συνδέσμος πολιτικῶν συνταξιούχων διαμαρτύρεται διά τήν καθυστέρησιν.

Ὁ συνδέσμος πολιτικῶν συνταξιούχων διαμαρτύρεται διά τήν καθυστέρησιν.

ΝΕΑ ΥΟΡΚΗ, 19. (Ἀσσ. Πρές). — Ὁ νέος πρόεδρος ἀναχωρεῖ διά τάς Ἀθήνας.

ΜΟΡΤΟΝ, Πενσυλβάνια, 19. — Ἡ κατασκευή νέων ἑλικοπτέρων ἐπιτρέπει τήν μεταφοράν 40 στρατιωτῶν.

Ὁ συνδέσμος πολιτικῶν συνταξιούχων διαμαρτύρεται διά τήν καθυστέρησιν.

ΝΕΑ ΥΟΡΚΗ, 19. (Ἀσσ. Πρές). — Ὁ νέος πρόεδρος ἀναχωρεῖ διά τάς Ἀθήνας.

ΜΟΡΤΟΝ, Πενσυλβάνια, 19. — Ἡ κατασκευή νέων ἑλικοπτέρων ἐπιτρέπει τήν μεταφοράν 40 στρατιωτῶν.

Ὁ συνδέσμος πολιτικῶν συνταξιούχων διαμαρτύρεται διά τήν καθυστέρησιν.
